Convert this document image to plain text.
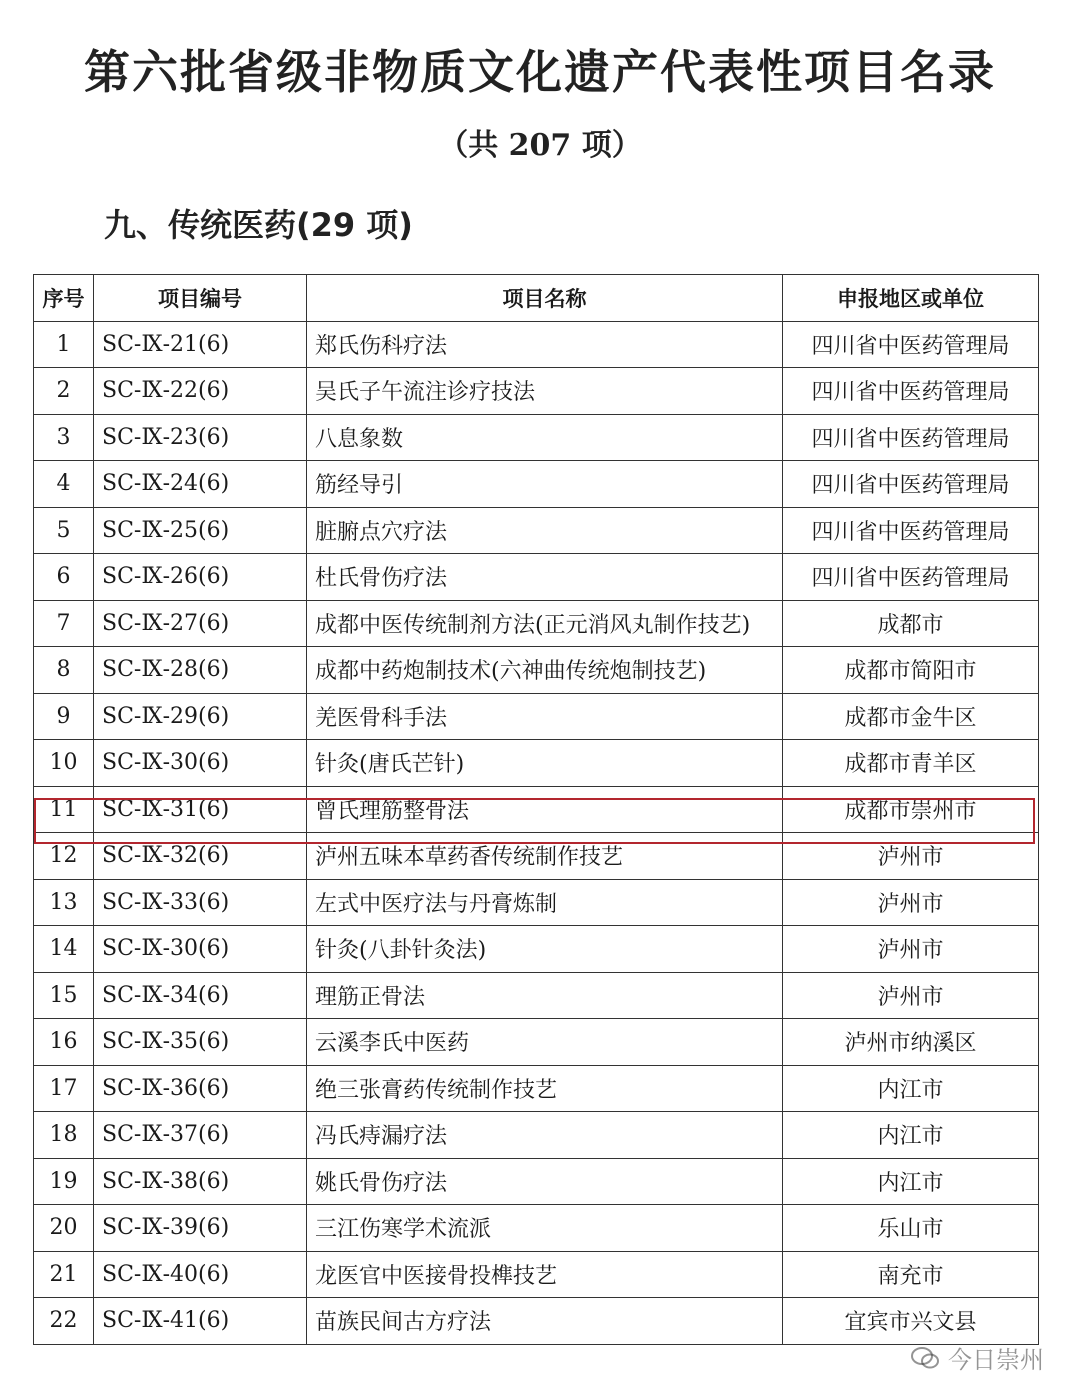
第六批省级非物质文化遗产代表性项目名录
（共 207 项）
九、传统医药(29 项)
序号	项目编号	项目名称	申报地区或单位
1	SC-Ⅸ-21(6)	郑氏伤科疗法	四川省中医药管理局
2	SC-Ⅸ-22(6)	吴氏子午流注诊疗技法	四川省中医药管理局
3	SC-Ⅸ-23(6)	八息象数	四川省中医药管理局
4	SC-Ⅸ-24(6)	筋经导引	四川省中医药管理局
5	SC-Ⅸ-25(6)	脏腑点穴疗法	四川省中医药管理局
6	SC-Ⅸ-26(6)	杜氏骨伤疗法	四川省中医药管理局
7	SC-Ⅸ-27(6)	成都中医传统制剂方法(正元消风丸制作技艺)	成都市
8	SC-Ⅸ-28(6)	成都中药炮制技术(六神曲传统炮制技艺)	成都市简阳市
9	SC-Ⅸ-29(6)	羌医骨科手法	成都市金牛区
10	SC-Ⅸ-30(6)	针灸(唐氏芒针)	成都市青羊区
11	SC-Ⅸ-31(6)	曾氏理筋整骨法	成都市崇州市
12	SC-Ⅸ-32(6)	泸州五味本草药香传统制作技艺	泸州市
13	SC-Ⅸ-33(6)	左式中医疗法与丹膏炼制	泸州市
14	SC-Ⅸ-30(6)	针灸(八卦针灸法)	泸州市
15	SC-Ⅸ-34(6)	理筋正骨法	泸州市
16	SC-Ⅸ-35(6)	云溪李氏中医药	泸州市纳溪区
17	SC-Ⅸ-36(6)	绝三张膏药传统制作技艺	内江市
18	SC-Ⅸ-37(6)	冯氏痔漏疗法	内江市
19	SC-Ⅸ-38(6)	姚氏骨伤疗法	内江市
20	SC-Ⅸ-39(6)	三江伤寒学术流派	乐山市
21	SC-Ⅸ-40(6)	龙医官中医接骨投榫技艺	南充市
22	SC-Ⅸ-41(6)	苗族民间古方疗法	宜宾市兴文县
今日崇州
